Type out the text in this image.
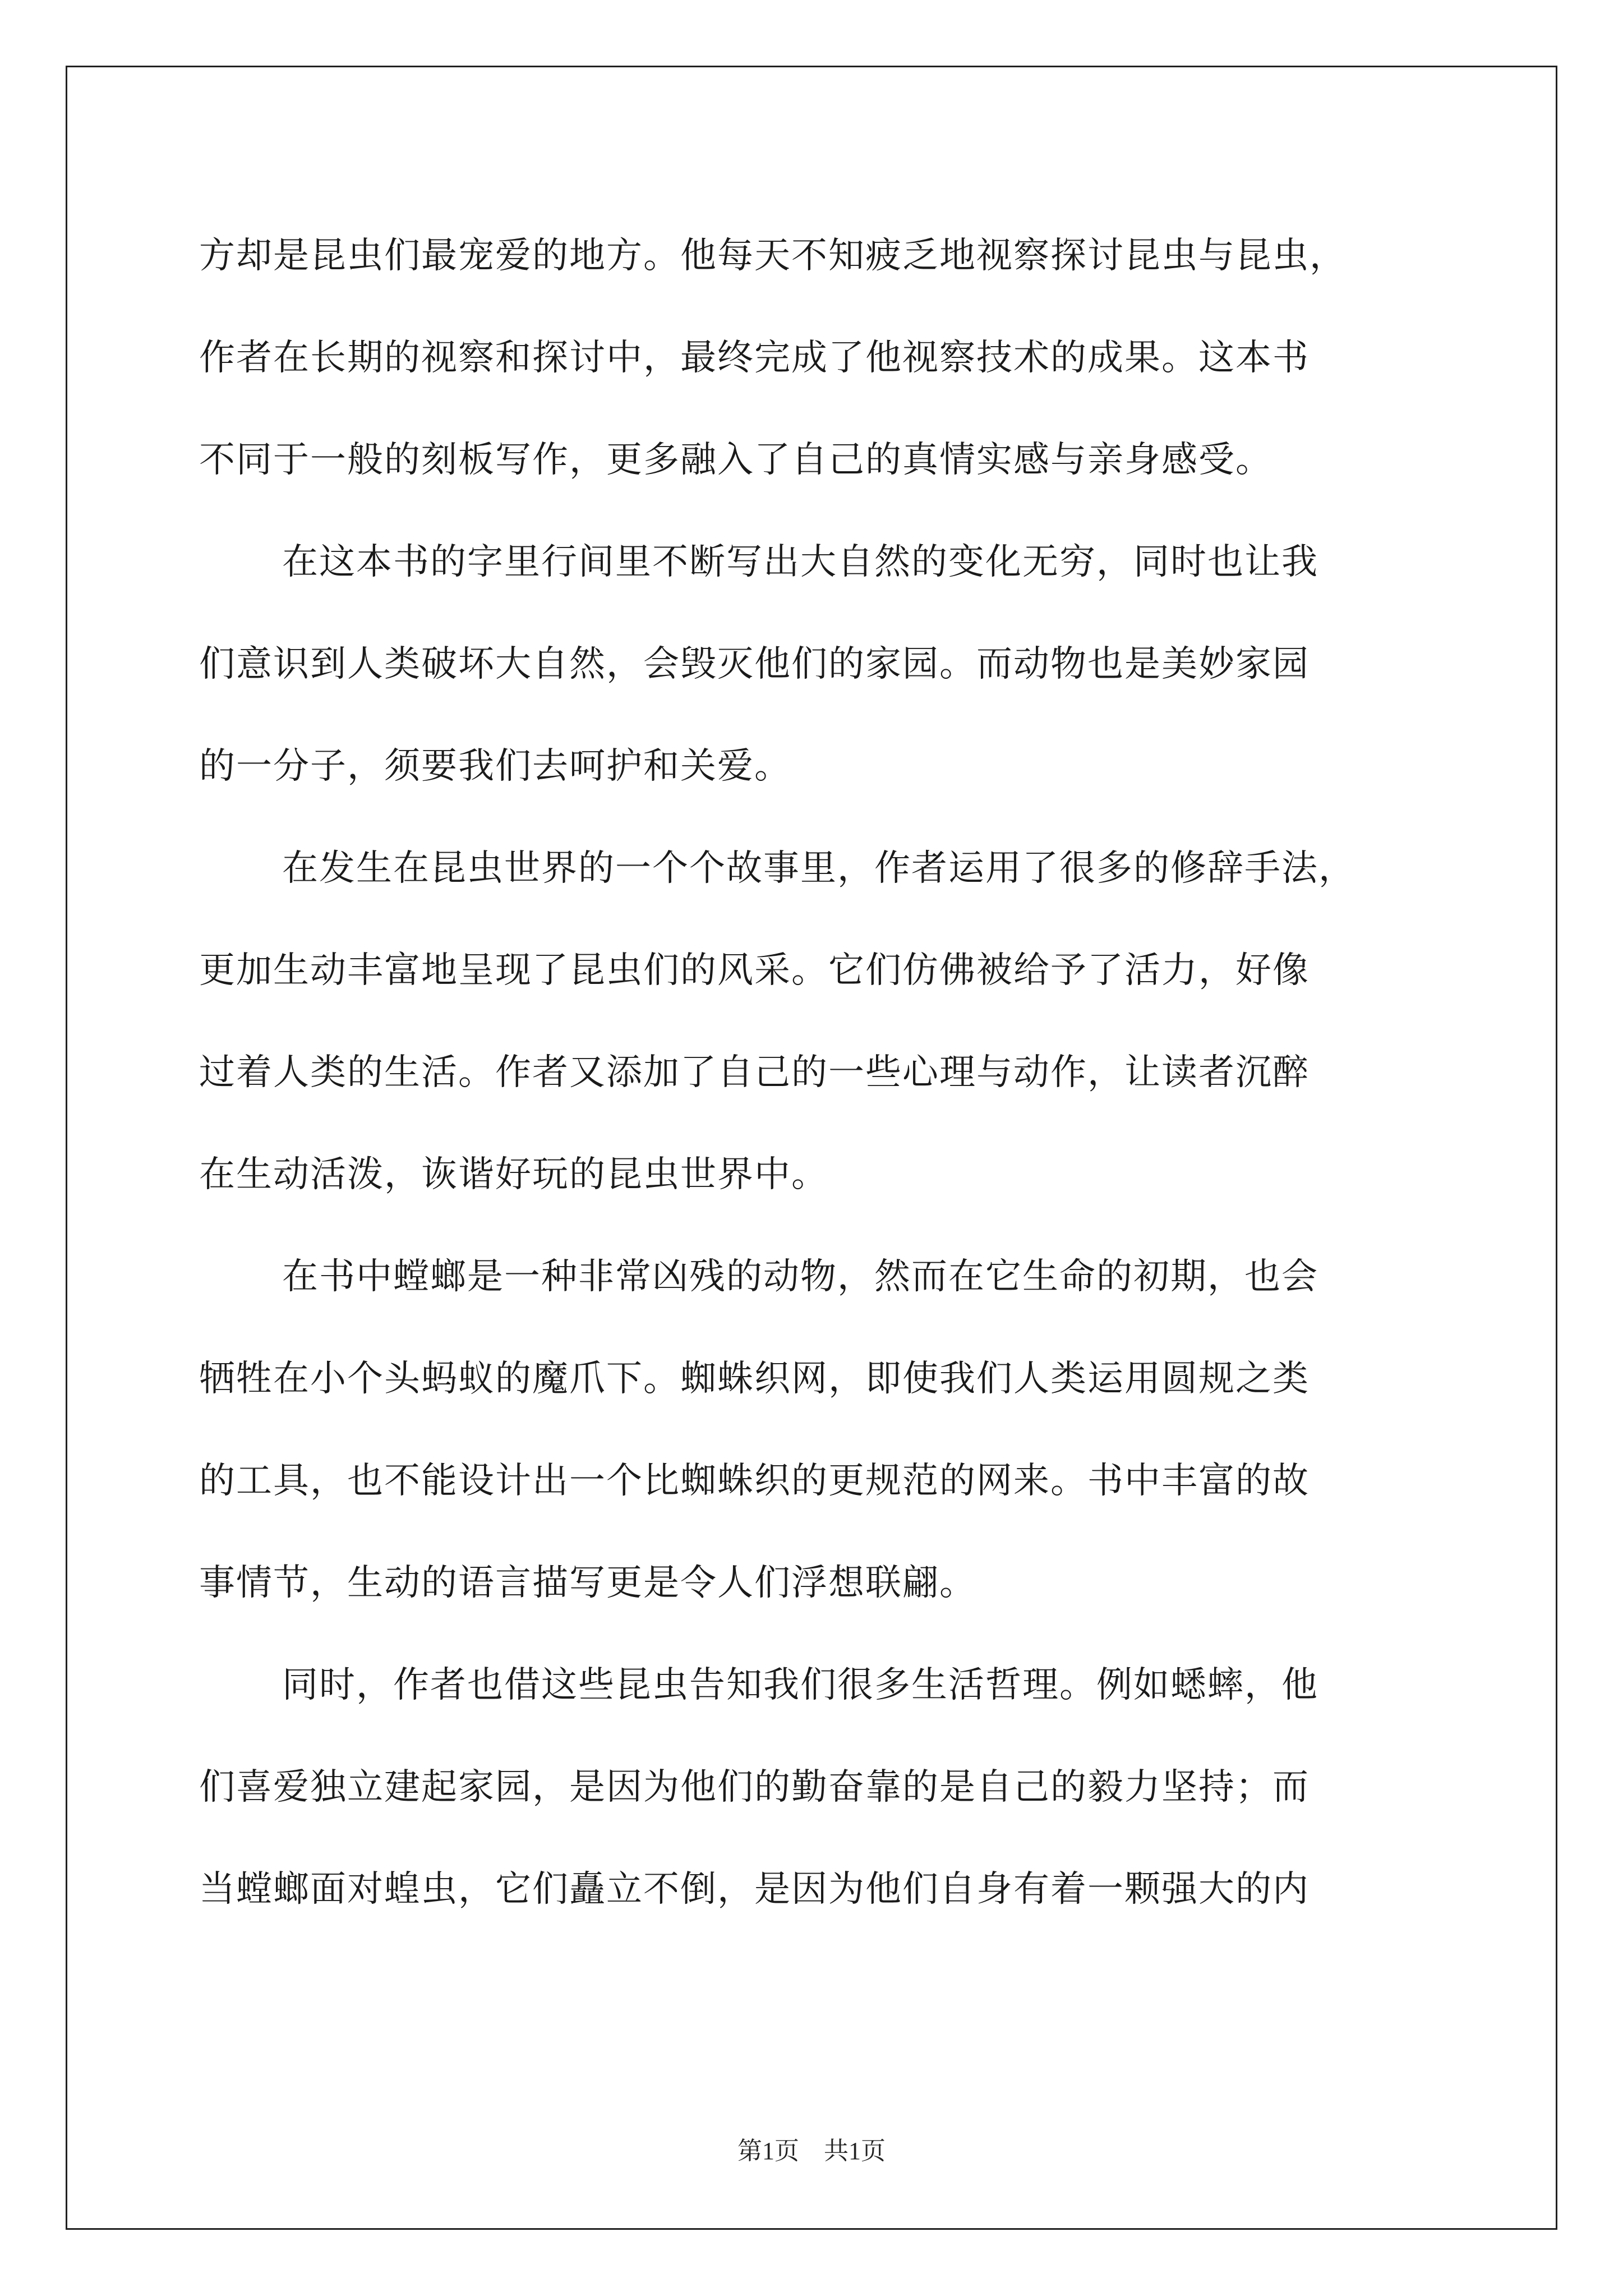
方却是昆虫们最宠爱的地方。他每天不知疲乏地视察探讨昆虫与昆虫，
作者在长期的视察和探讨中，最终完成了他视察技术的成果。这本书
不同于一般的刻板写作，更多融入了自己的真情实感与亲身感受。
在这本书的字里行间里不断写出大自然的变化无穷，同时也让我
们意识到人类破坏大自然，会毁灭他们的家园。而动物也是美妙家园
的一分子，须要我们去呵护和关爱。
在发生在昆虫世界的一个个故事里，作者运用了很多的修辞手法，
更加生动丰富地呈现了昆虫们的风采。它们仿佛被给予了活力，好像
过着人类的生活。作者又添加了自己的一些心理与动作，让读者沉醉
在生动活泼，诙谐好玩的昆虫世界中。
在书中螳螂是一种非常凶残的动物，然而在它生命的初期，也会
牺牲在小个头蚂蚁的魔爪下。蜘蛛织网，即使我们人类运用圆规之类
的工具，也不能设计出一个比蜘蛛织的更规范的网来。书中丰富的故
事情节，生动的语言描写更是令人们浮想联翩。
同时，作者也借这些昆虫告知我们很多生活哲理。例如蟋蟀，他
们喜爱独立建起家园，是因为他们的勤奋靠的是自己的毅力坚持；而
当螳螂面对蝗虫，它们矗立不倒，是因为他们自身有着一颗强大的内
第1页　共1页
